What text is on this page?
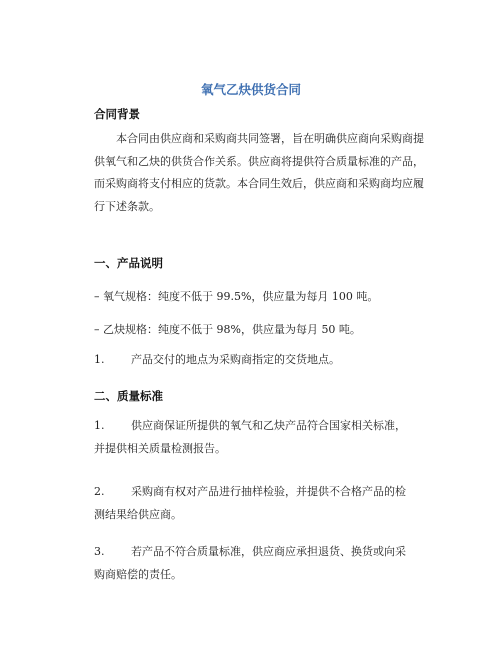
氧气乙炔供货合同
合同背景
本合同由供应商和采购商共同签署，旨在明确供应商向采购商提
供氧气和乙炔的供货合作关系。供应商将提供符合质量标准的产品，
而采购商将支付相应的货款。本合同生效后，供应商和采购商均应履
行下述条款。
一、产品说明
– 氧气规格：纯度不低于 99.5%，供应量为每月 100 吨。
– 乙炔规格：纯度不低于 98%，供应量为每月 50 吨。
1.	产品交付的地点为采购商指定的交货地点。
二、质量标准
1.	供应商保证所提供的氧气和乙炔产品符合国家相关标准，
并提供相关质量检测报告。
2.	采购商有权对产品进行抽样检验，并提供不合格产品的检
测结果给供应商。
3.	若产品不符合质量标准，供应商应承担退货、换货或向采
购商赔偿的责任。
